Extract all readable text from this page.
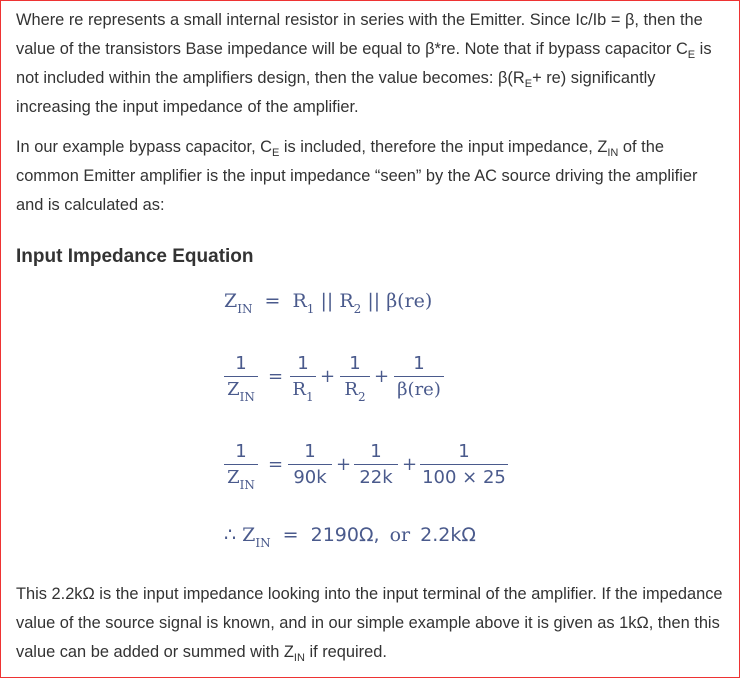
Where re represents a small internal resistor in series with the Emitter. Since Ic/Ib = β, then the value of the transistors Base impedance will be equal to β*re. Note that if bypass capacitor $C_E$ is not included within the amplifiers design, then the value becomes: $\beta(R_E+ re)$ significantly increasing the input impedance of the amplifier.

In our example bypass capacitor, $C_E$ is included, therefore the input impedance, $Z_{IN}$ of the common Emitter amplifier is the input impedance “seen” by the AC source driving the amplifier and is calculated as:

Input Impedance Equation
$Z_{IN} = R_1$ || $R_2$ || β(re)
1
$Z_{IN}$
=
1
$R_1$
+
1
$R_2$
+
1
β(re)
1
$Z_{IN}$
=
1
90k
+
1
22k
+
1
100 × 25
∴ $Z_{IN} = 2190\Omega$, or 2.2kΩ

This 2.2kΩ is the input impedance looking into the input terminal of the amplifier. If the impedance value of the source signal is known, and in our simple example above it is given as 1kΩ, then this value can be added or summed with $Z_{IN}$ if required.
